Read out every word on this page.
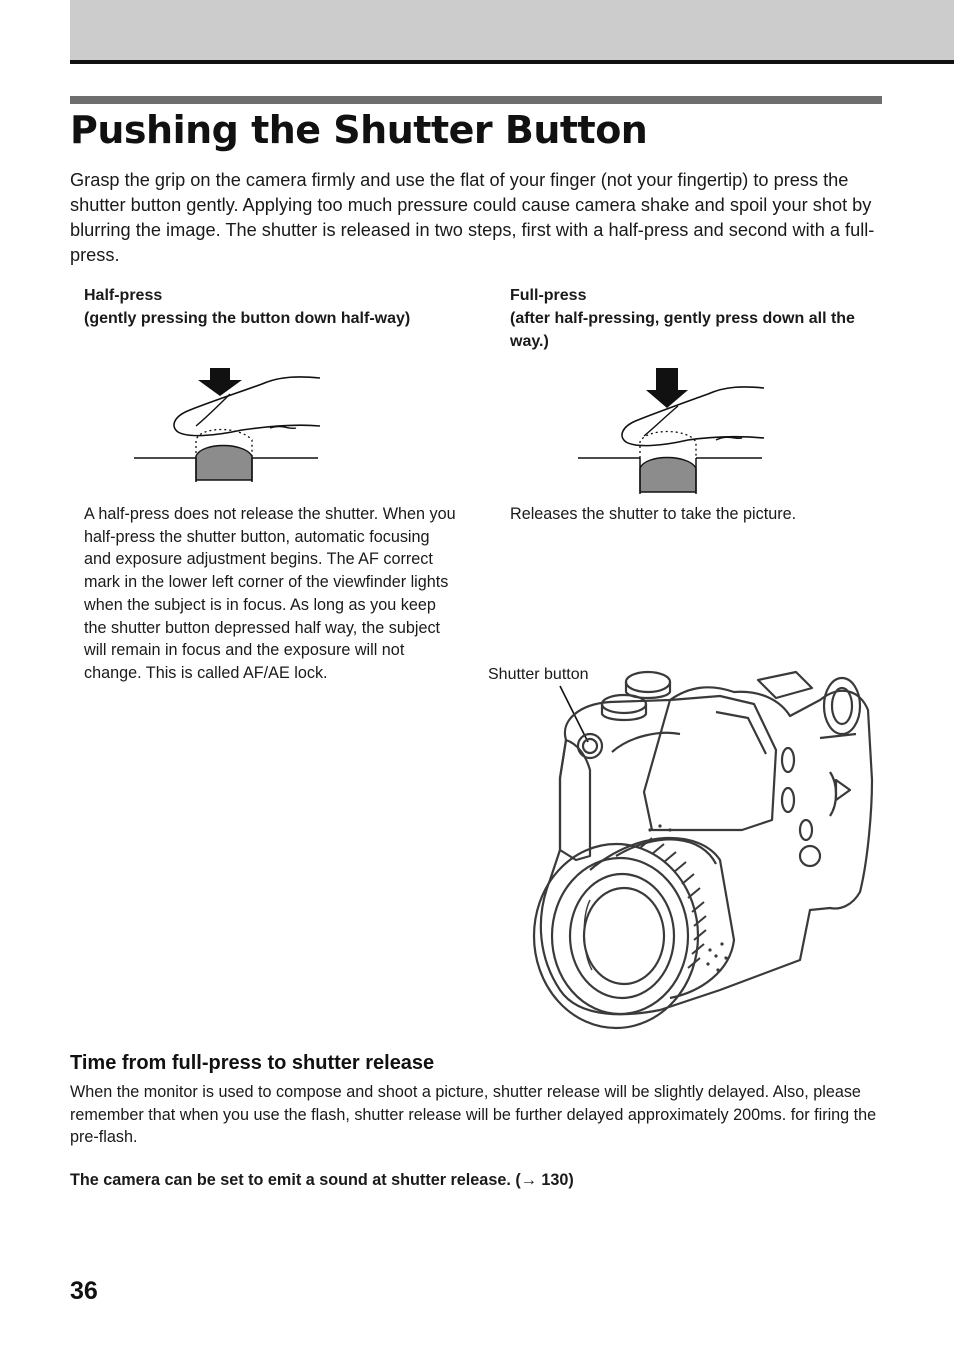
Pushing the Shutter Button

Grasp the grip on the camera firmly and use the flat of your finger (not your fingertip) to press the shutter button gently. Applying too much pressure could cause camera shake and spoil your shot by blurring the image. The shutter is released in two steps, first with a half-press and second with a full-press.

Half-press
(gently pressing the button down half-way)

A half-press does not release the shutter. When you half-press the shutter button, automatic focusing and exposure adjustment begins. The AF correct mark in the lower left corner of the viewfinder lights when the subject is in focus. As long as you keep the shutter button depressed half way, the subject will remain in focus and the exposure will not change. This is called AF/AE lock.

Full-press
(after half-pressing, gently press down all the way.)

Releases the shutter to take the picture.

Shutter button

Time from full-press to shutter release

When the monitor is used to compose and shoot a picture, shutter release will be slightly delayed. Also, please remember that when you use the flash, shutter release will be further delayed approximately 200ms. for firing the pre-flash.

The camera can be set to emit a sound at shutter release. (→ 130)

36
